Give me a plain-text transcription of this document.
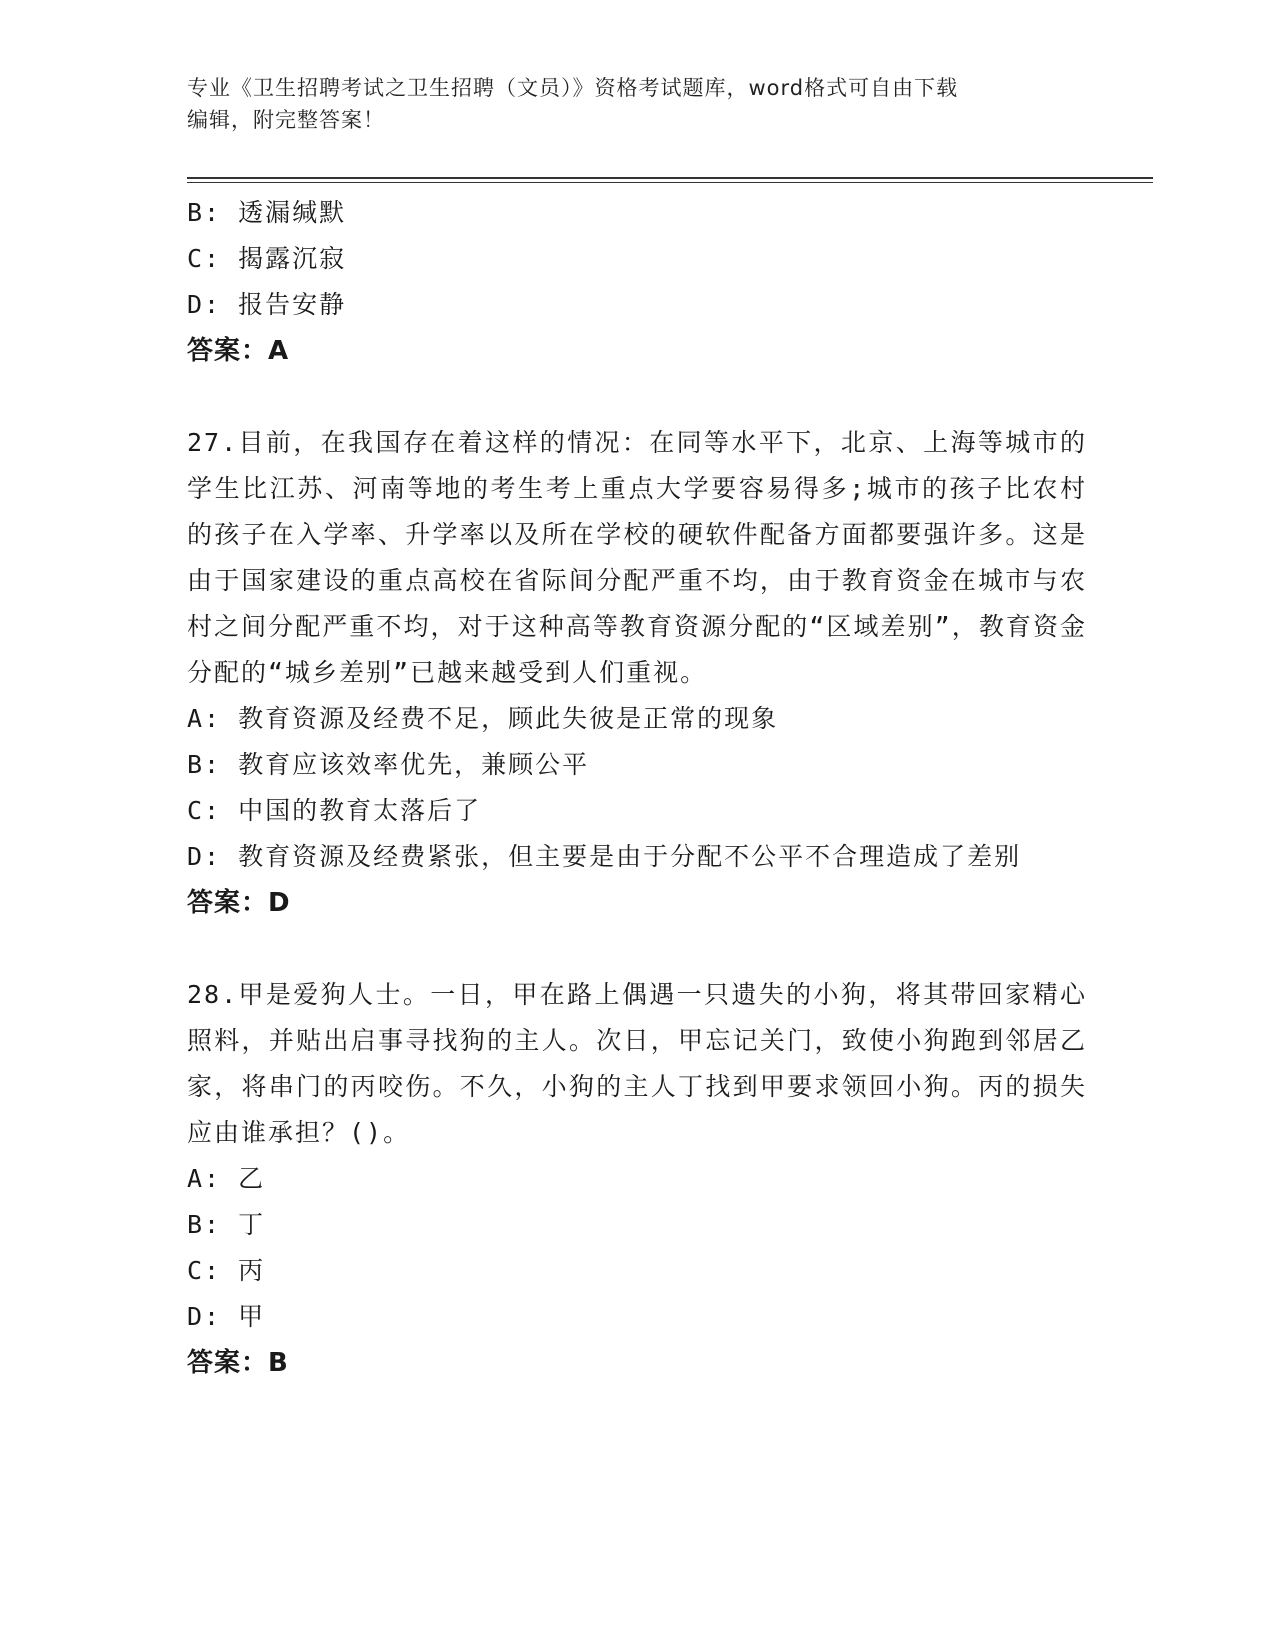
专业《卫生招聘考试之卫生招聘（文员）》资格考试题库，word格式可自由下载
编辑，附完整答案！

B: 透漏缄默

C: 揭露沉寂

D: 报告安静

答案：A

27.目前，在我国存在着这样的情况：在同等水平下，北京、上海等城市的学生比江苏、河南等地的考生考上重点大学要容易得多;城市的孩子比农村的孩子在入学率、升学率以及所在学校的硬软件配备方面都要强许多。这是由于国家建设的重点高校在省际间分配严重不均，由于教育资金在城市与农村之间分配严重不均，对于这种高等教育资源分配的“区域差别”，教育资金分配的“城乡差别”已越来越受到人们重视。

A: 教育资源及经费不足，顾此失彼是正常的现象

B: 教育应该效率优先，兼顾公平

C: 中国的教育太落后了

D: 教育资源及经费紧张，但主要是由于分配不公平不合理造成了差别

答案：D

28.甲是爱狗人士。一日，甲在路上偶遇一只遗失的小狗，将其带回家精心照料，并贴出启事寻找狗的主人。次日，甲忘记关门，致使小狗跑到邻居乙家，将串门的丙咬伤。不久，小狗的主人丁找到甲要求领回小狗。丙的损失应由谁承担？()。

A: 乙

B: 丁

C: 丙

D: 甲

答案：B
